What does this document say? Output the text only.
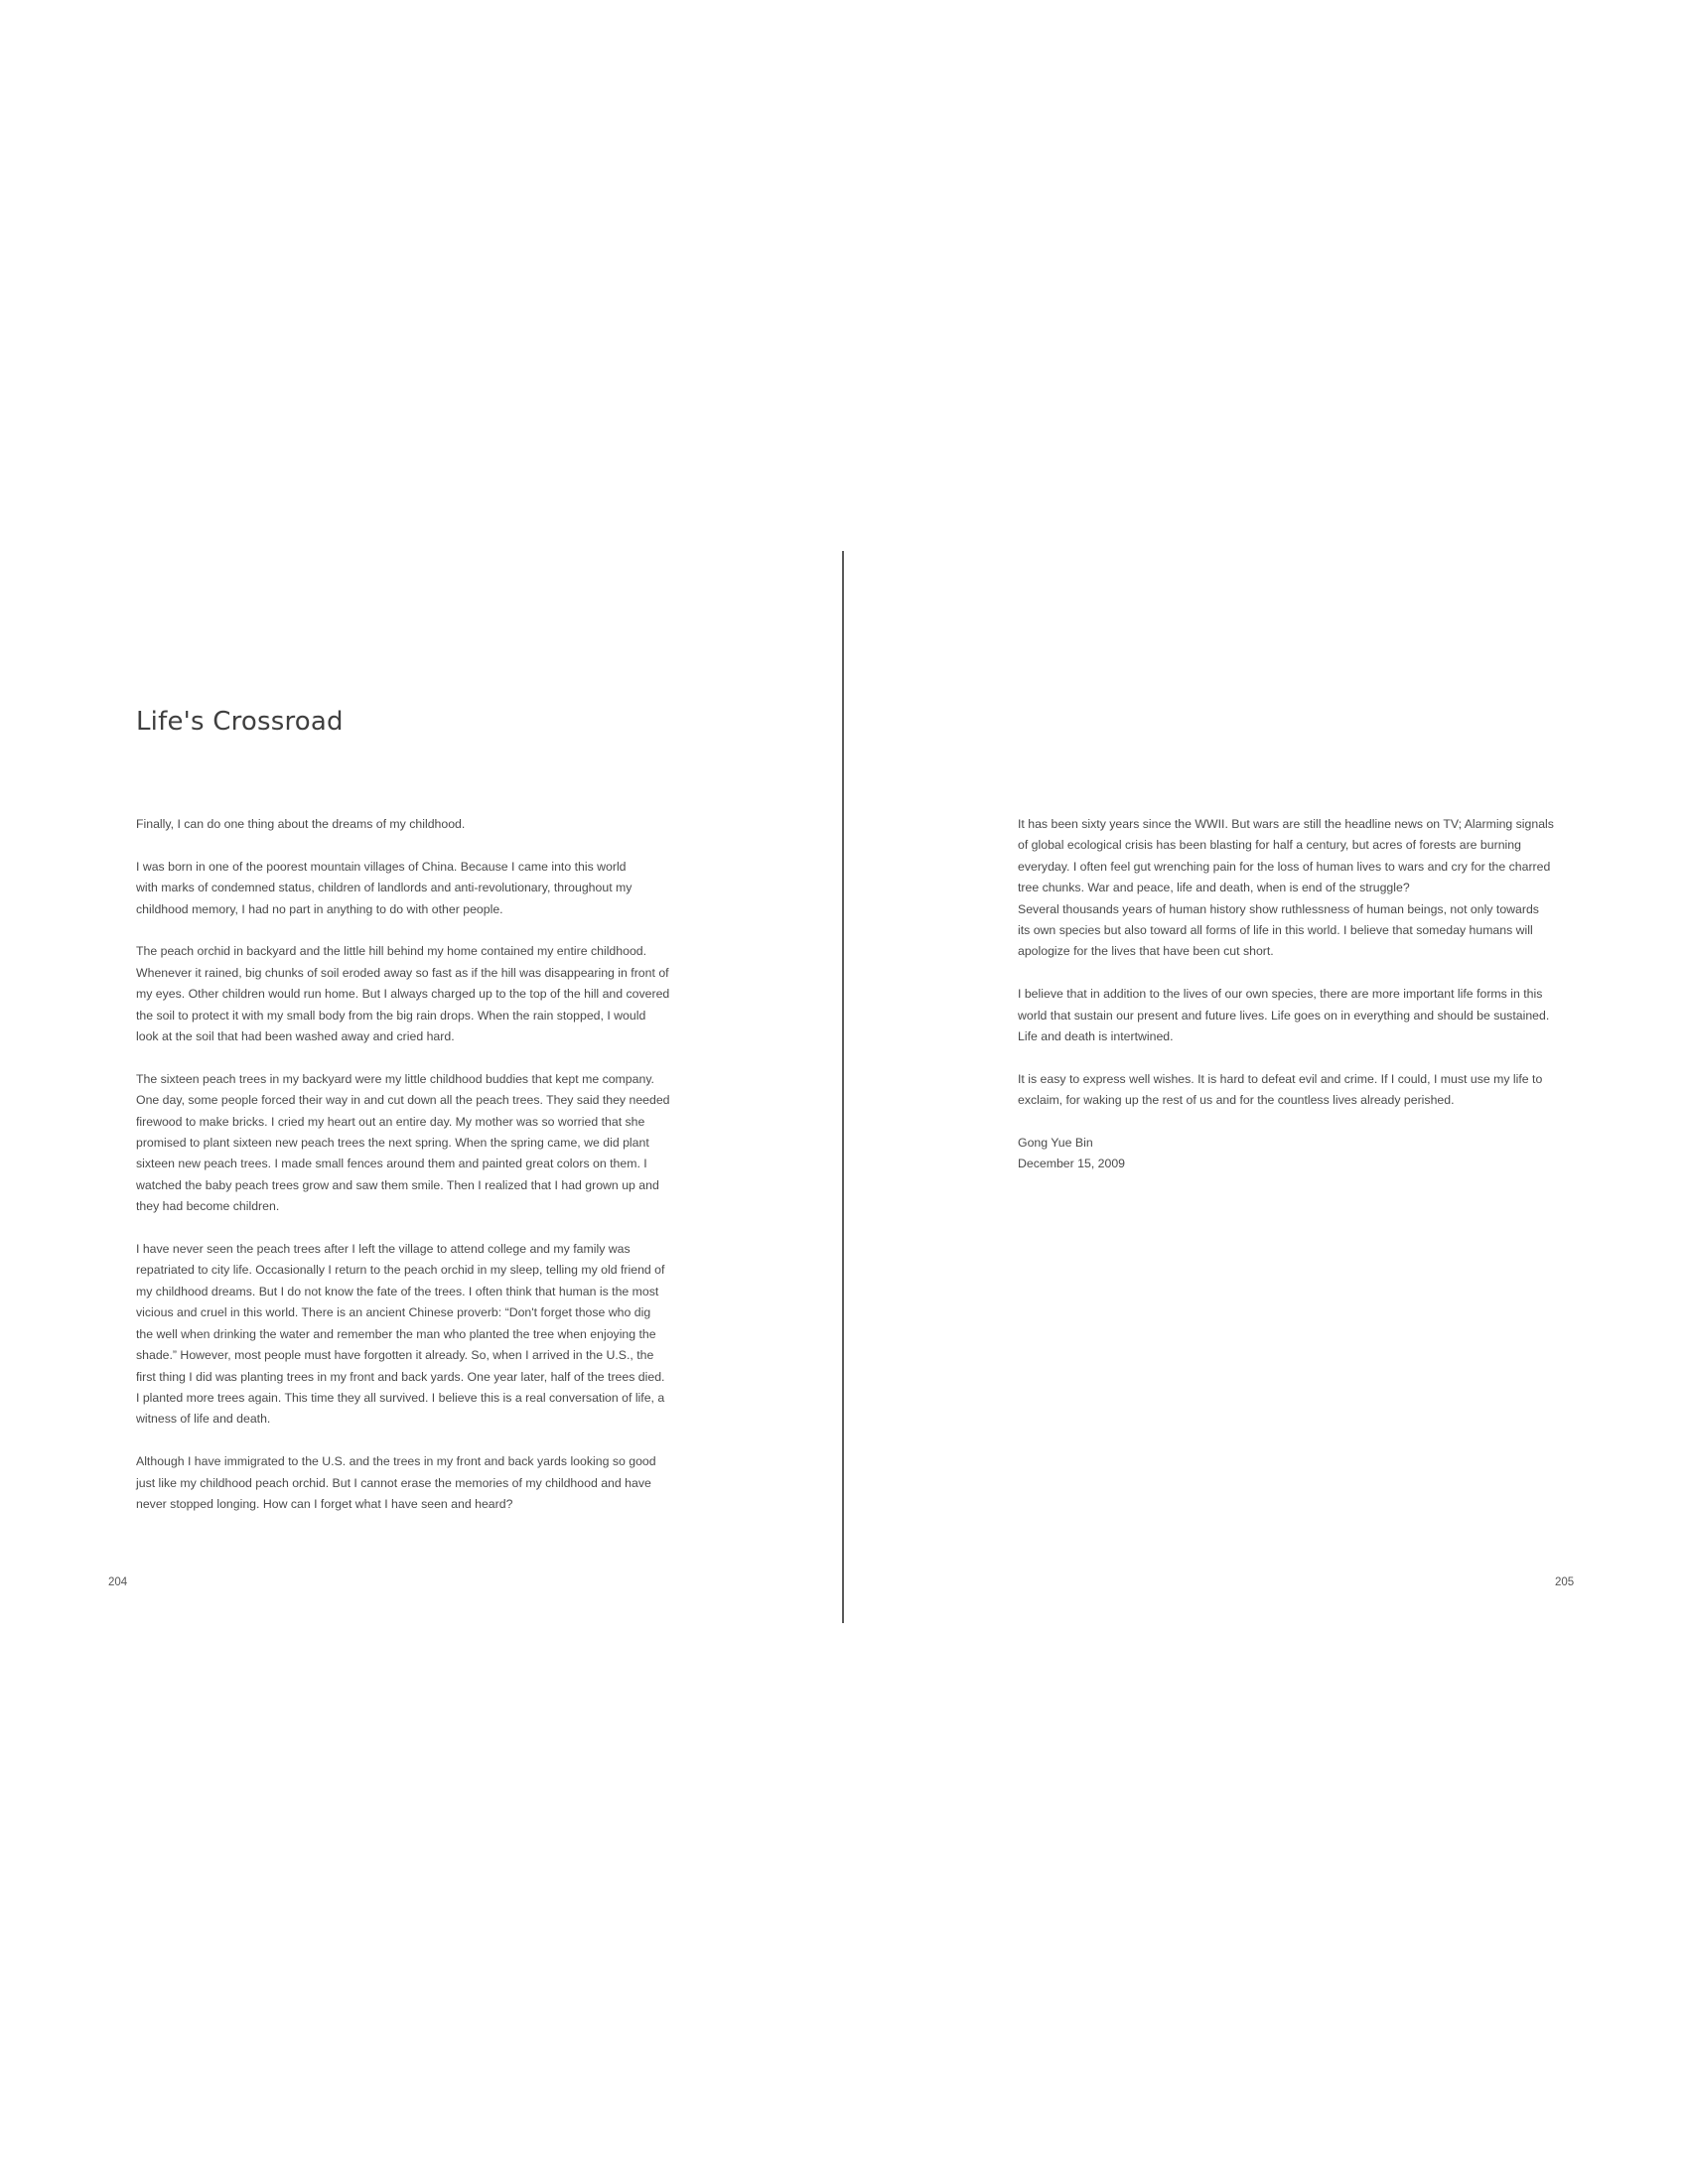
Life's Crossroad

Finally, I can do one thing about the dreams of my childhood.

I was born in one of the poorest mountain villages of China. Because I came into this world
with marks of condemned status, children of landlords and anti-revolutionary, throughout my
childhood memory, I had no part in anything to do with other people.

The peach orchid in backyard and the little hill behind my home contained my entire childhood.
Whenever it rained, big chunks of soil eroded away so fast as if the hill was disappearing in front of
my eyes. Other children would run home. But I always charged up to the top of the hill and covered
the soil to protect it with my small body from the big rain drops. When the rain stopped, I would
look at the soil that had been washed away and cried hard.

The sixteen peach trees in my backyard were my little childhood buddies that kept me company.
One day, some people forced their way in and cut down all the peach trees. They said they needed
firewood to make bricks. I cried my heart out an entire day. My mother was so worried that she
promised to plant sixteen new peach trees the next spring. When the spring came, we did plant
sixteen new peach trees. I made small fences around them and painted great colors on them. I
watched the baby peach trees grow and saw them smile. Then I realized that I had grown up and
they had become children.

I have never seen the peach trees after I left the village to attend college and my family was
repatriated to city life. Occasionally I return to the peach orchid in my sleep, telling my old friend of
my childhood dreams. But I do not know the fate of the trees. I often think that human is the most
vicious and cruel in this world. There is an ancient Chinese proverb: “Don't forget those who dig
the well when drinking the water and remember the man who planted the tree when enjoying the
shade.” However, most people must have forgotten it already. So, when I arrived in the U.S., the
first thing I did was planting trees in my front and back yards. One year later, half of the trees died.
I planted more trees again. This time they all survived. I believe this is a real conversation of life, a
witness of life and death.

Although I have immigrated to the U.S. and the trees in my front and back yards looking so good
just like my childhood peach orchid. But I cannot erase the memories of my childhood and have
never stopped longing. How can I forget what I have seen and heard?

204

It has been sixty years since the WWII. But wars are still the headline news on TV; Alarming signals
of global ecological crisis has been blasting for half a century, but acres of forests are burning
everyday. I often feel gut wrenching pain for the loss of human lives to wars and cry for the charred
tree chunks. War and peace, life and death, when is end of the struggle?
Several thousands years of human history show ruthlessness of human beings, not only towards
its own species but also toward all forms of life in this world. I believe that someday humans will
apologize for the lives that have been cut short.

I believe that in addition to the lives of our own species, there are more important life forms in this
world that sustain our present and future lives. Life goes on in everything and should be sustained.
Life and death is intertwined.

It is easy to express well wishes. It is hard to defeat evil and crime. If I could, I must use my life to
exclaim, for waking up the rest of us and for the countless lives already perished.

Gong Yue Bin
December 15, 2009
205
